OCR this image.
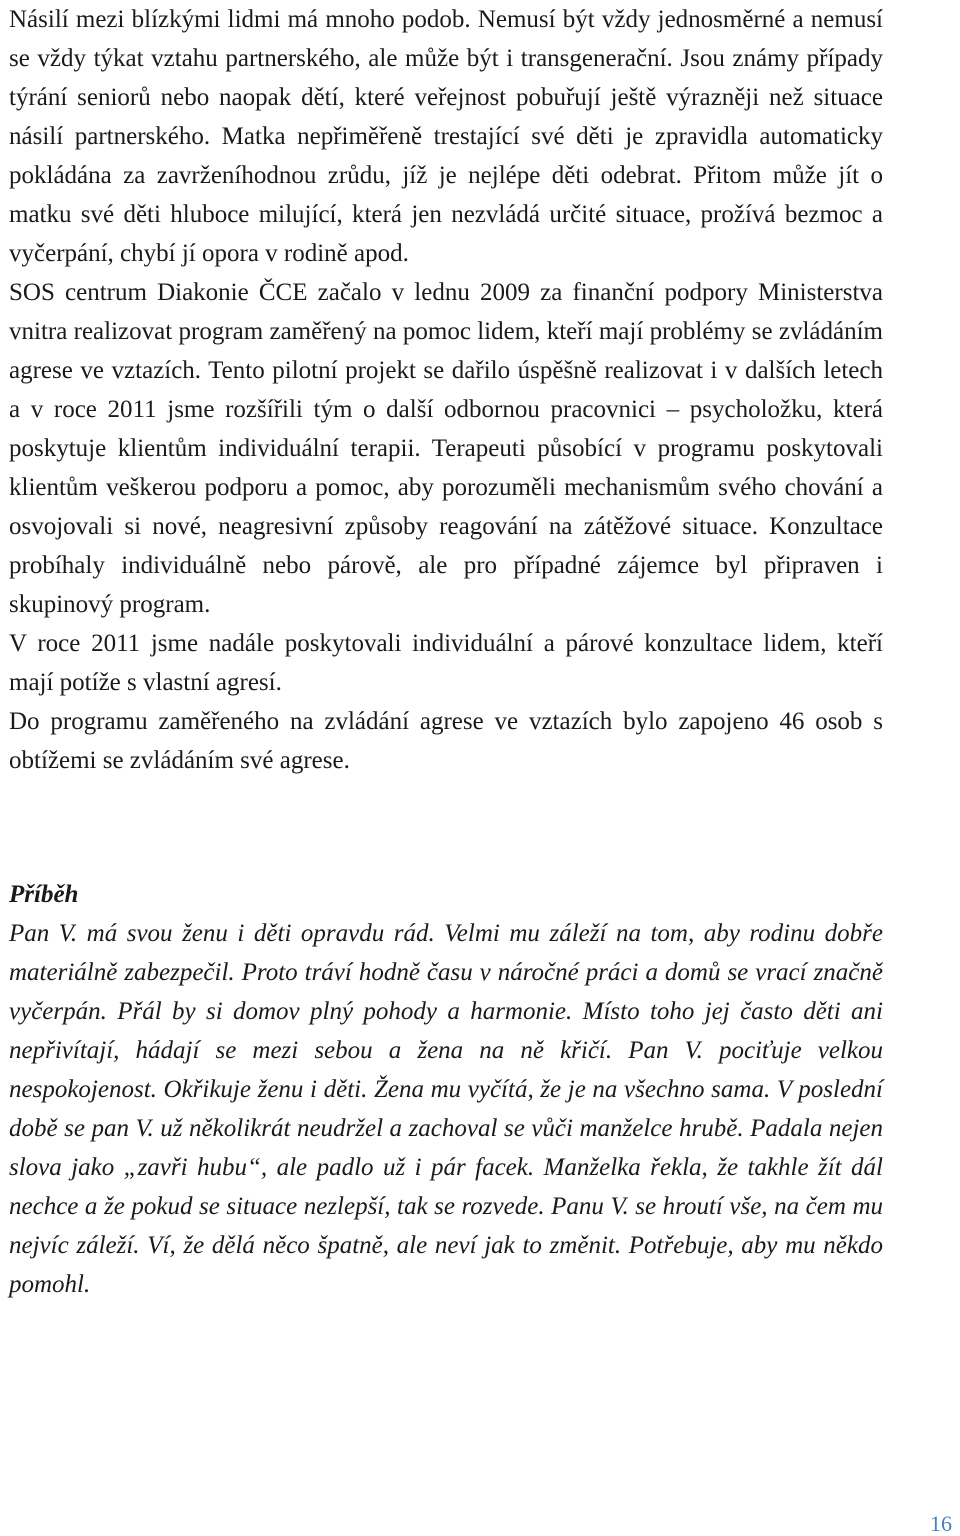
Násilí mezi blízkými lidmi má mnoho podob. Nemusí být vždy jednosměrné a nemusí se vždy týkat vztahu partnerského, ale může být i transgenerační. Jsou známy případy týrání seniorů nebo naopak dětí, které veřejnost pobuřují ještě výrazněji než situace násilí partnerského. Matka nepřiměřeně trestající své děti je zpravidla automaticky pokládána za zavrženíhodnou zrůdu, jíž je nejlépe děti odebrat. Přitom může jít o matku své děti hluboce milující, která jen nezvládá určité situace, prožívá bezmoc a vyčerpání, chybí jí opora v rodině apod.

SOS centrum Diakonie ČCE začalo v lednu 2009 za finanční podpory Ministerstva vnitra realizovat program zaměřený na pomoc lidem, kteří mají problémy se zvládáním agrese ve vztazích. Tento pilotní projekt se dařilo úspěšně realizovat i v dalších letech a v roce 2011 jsme rozšířili tým o další odbornou pracovnici – psycholožku, která poskytuje klientům individuální terapii. Terapeuti působící v programu poskytovali klientům veškerou podporu a pomoc, aby porozuměli mechanismům svého chování a osvojovali si nové, neagresivní způsoby reagování na zátěžové situace. Konzultace probíhaly individuálně nebo párově, ale pro případné zájemce byl připraven i skupinový program.

V roce 2011 jsme nadále poskytovali individuální a párové konzultace lidem, kteří mají potíže s vlastní agresí.

Do programu zaměřeného na zvládání agrese ve vztazích bylo zapojeno 46 osob s obtížemi se zvládáním své agrese.

Příběh

Pan V. má svou ženu i děti opravdu rád. Velmi mu záleží na tom, aby rodinu dobře materiálně zabezpečil. Proto tráví hodně času v náročné práci a domů se vrací značně vyčerpán. Přál by si domov plný pohody a harmonie. Místo toho jej často děti ani nepřivítají, hádají se mezi sebou a žena na ně křičí. Pan V. pociťuje velkou nespokojenost. Okřikuje ženu i děti. Žena mu vyčítá, že je na všechno sama. V poslední době se pan V. už několikrát neudržel a zachoval se vůči manželce hrubě. Padala nejen slova jako „zavři hubu“, ale padlo už i pár facek. Manželka řekla, že takhle žít dál nechce a že pokud se situace nezlepší, tak se rozvede. Panu V. se hroutí vše, na čem mu nejvíc záleží. Ví, že dělá něco špatně, ale neví jak to změnit. Potřebuje, aby mu někdo pomohl.

16
